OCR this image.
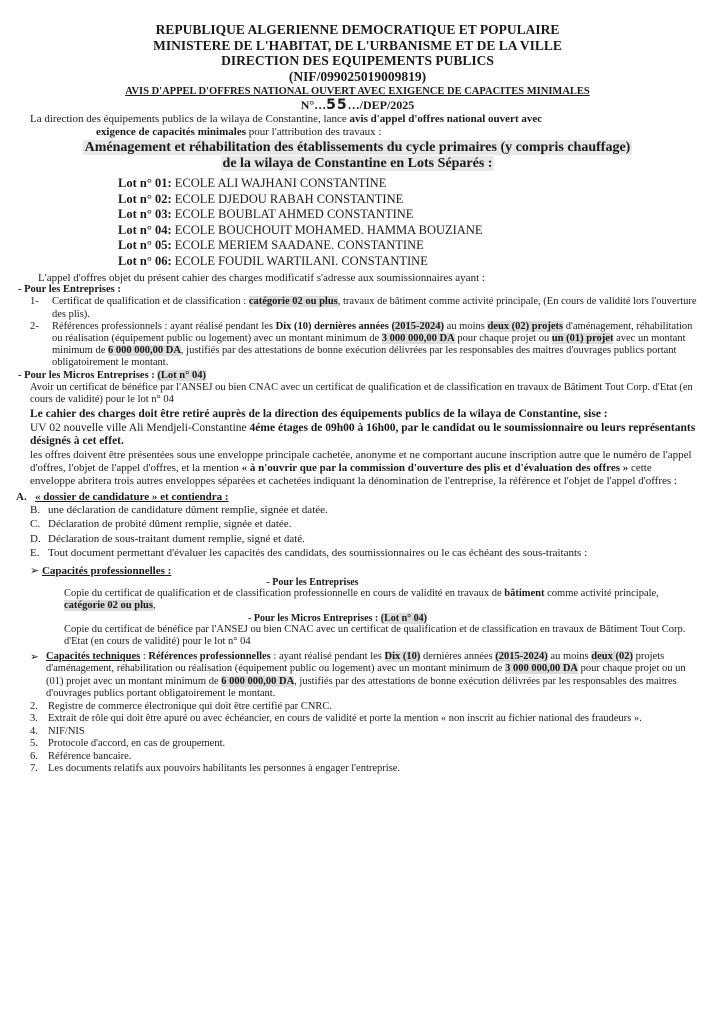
REPUBLIQUE ALGERIENNE DEMOCRATIQUE ET POPULAIRE
MINISTERE DE L'HABITAT, DE L'URBANISME ET DE LA VILLE
DIRECTION DES EQUIPEMENTS PUBLICS
(NIF/099025019009819)
AVIS D'APPEL D'OFFRES NATIONAL OUVERT AVEC EXIGENCE DE CAPACITES MINIMALES
N°…55…/DEP/2025

La direction des équipements publics de la wilaya de Constantine, lance avis d'appel d'offres national ouvert avec

exigence de capacités minimales pour l'attribution des travaux :

Aménagement et réhabilitation des établissements du cycle primaires (y compris chauffage)
de la wilaya de Constantine en Lots Séparés :
Lot n° 01: ECOLE ALI WAJHANI CONSTANTINE
Lot n° 02: ECOLE DJEDOU RABAH CONSTANTINE
Lot n° 03: ECOLE BOUBLAT AHMED CONSTANTINE
Lot n° 04: ECOLE BOUCHOUIT MOHAMED. HAMMA BOUZIANE
Lot n° 05: ECOLE MERIEM SAADANE. CONSTANTINE
Lot n° 06: ECOLE FOUDIL WARTILANI. CONSTANTINE

L'appel d'offres objet du présent cahier des charges modificatif s'adresse aux soumissionnaires ayant :

- Pour les Entreprises :
1-	Certificat de qualification et de classification : catégorie 02 ou plus, travaux de bâtiment comme activité principale, (En cours de validité lors l'ouverture des plis).
2-	Références professionnels : ayant réalisé pendant les Dix (10) dernières années (2015-2024) au moins deux (02) projets d'aménagement, réhabilitation ou réalisation (équipement public ou logement) avec un montant minimum de 3 000 000,00 DA pour chaque projet ou un (01) projet avec un montant minimum de 6 000 000,00 DA, justifiés par des attestations de bonne exécution délivrées par les responsables des maitres d'ouvrages publics portant obligatoirement le montant.
- Pour les Micros Entreprises : (Lot n° 04)

Avoir un certificat de bénéfice par l'ANSEJ ou bien CNAC avec un certificat de qualification et de classification en travaux de Bâtiment Tout Corp. d'Etat (en cours de validité) pour le lot n° 04

Le cahier des charges doit être retiré auprès de la direction des équipements publics de la wilaya de Constantine, sise :
UV 02 nouvelle ville Ali Mendjeli-Constantine 4éme étages de 09h00 à 16h00, par le candidat ou le soumissionnaire ou leurs représentants désignés à cet effet.

les offres doivent être présentées sous une enveloppe principale cachetée, anonyme et ne comportant aucune inscription autre que le numéro de l'appel d'offres, l'objet de l'appel d'offres, et la mention « à n'ouvrir que par la commission d'ouverture des plis et d'évaluation des offres » cette enveloppe abritera trois autres enveloppes séparées et cachetées indiquant la dénomination de l'entreprise, la référence et l'objet de l'appel d'offres :

A. « dossier de candidature » et contiendra :
B. une déclaration de candidature dûment remplie, signée et datée.
C. Déclaration de probité dûment remplie, signée et datée.
D. Déclaration de sous-traitant dument remplie, signé et daté.
E. Tout document permettant d'évaluer les capacités des candidats, des soumissionnaires ou le cas échéant des sous-traitants :
➢ Capacités professionnelles :
- Pour les Entreprises

Copie du certificat de qualification et de classification professionnelle en cours de validité en travaux de bâtiment comme activité principale, catégorie 02 ou plus,

- Pour les Micros Entreprises : (Lot n° 04)

Copie du certificat de bénéfice par l'ANSEJ ou bien CNAC avec un certificat de qualification et de classification en travaux de Bâtiment Tout Corp. d'Etat (en cours de validité) pour le lot n° 04

➢ Capacités techniques : Références professionnelles : ayant réalisé pendant les Dix (10) dernières années (2015-2024) au moins deux (02) projets d'aménagement, réhabilitation ou réalisation (équipement public ou logement) avec un montant minimum de 3 000 000,00 DA pour chaque projet ou un (01) projet avec un montant minimum de 6 000 000,00 DA, justifiés par des attestations de bonne exécution délivrées par les responsables des maitres d'ouvrages publics portant obligatoirement le montant.
2. Registre de commerce électronique qui doit être certifié par CNRC.
3. Extrait de rôle qui doit être apuré ou avec échéancier, en cours de validité et porte la mention « non inscrit au fichier national des fraudeurs ».
4. NIF/NIS
5. Protocole d'accord, en cas de groupement.
6. Référence bancaire.
7. Les documents relatifs aux pouvoirs habilitants les personnes à engager l'entreprise.
